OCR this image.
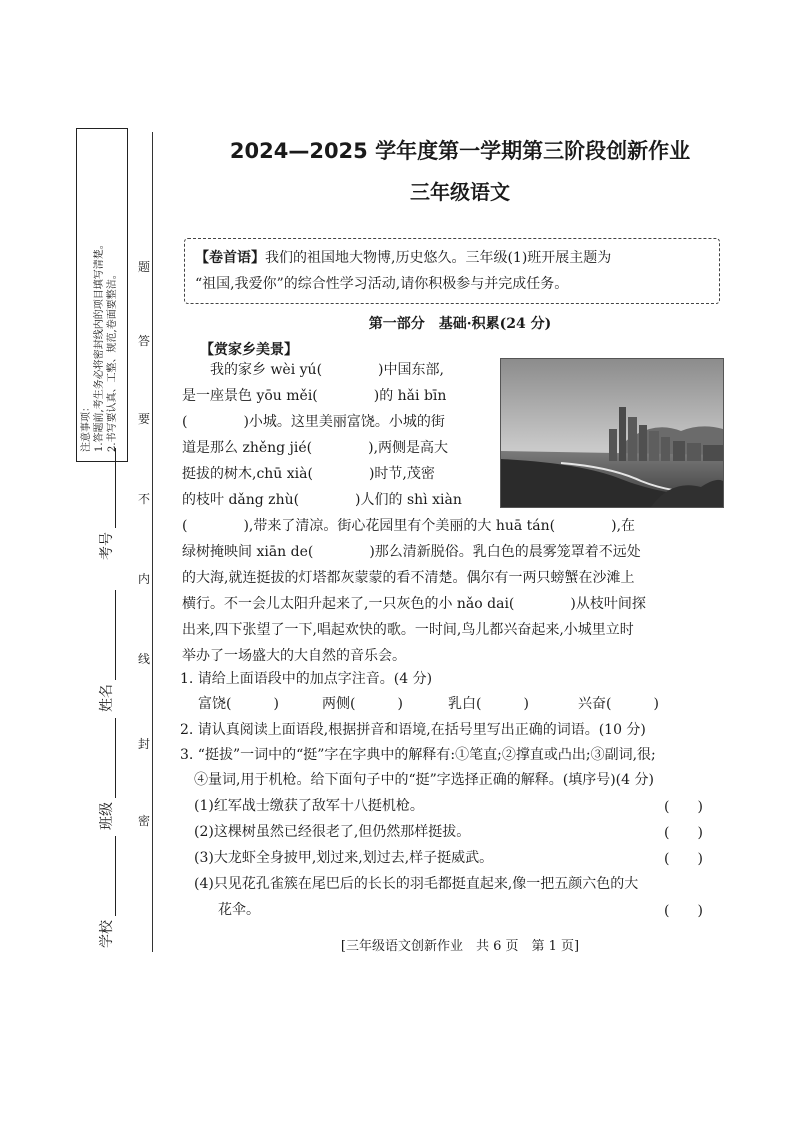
注意事项： 1.答题前,考生务必将密封线内的项目填写清楚。 2.书写要认真、工整、规范,卷面要整洁。
题
答
要
不
内
线
封
密
考号
姓名
班级
学校
2024—2025 学年度第一学期第三阶段创新作业
三年级语文
【卷首语】我们的祖国地大物博,历史悠久。三年级(1)班开展主题为
“祖国,我爱你”的综合性学习活动,请你积极参与并完成任务。
第一部分　基础·积累(24 分)
【赏家乡美景】
　　我的家乡 wèi yú(　　　　)中国东部,
是一座景色 yōu měi(　　　　)的 hǎi bīn
(　　　　)小城。这里美丽富饶。小城的街
道是那么 zhěng jié(　　　　),两侧是高大
挺拔的树木,chū xià(　　　　)时节,茂密
的枝叶 dǎng zhù(　　　　)人们的 shì xiàn
(　　　　),带来了清凉。街心花园里有个美丽的大 huā tán(　　　　),在
绿树掩映间 xiān de(　　　　)那么清新脱俗。乳白色的晨雾笼罩着不远处
的大海,就连挺拔的灯塔都灰蒙蒙的看不清楚。偶尔有一两只螃蟹在沙滩上
横行。不一会儿太阳升起来了,一只灰色的小 nǎo dai(　　　　)从枝叶间探
出来,四下张望了一下,唱起欢快的歌。一时间,鸟儿都兴奋起来,小城里立时
举办了一场盛大的大自然的音乐会。
1. 请给上面语段中的加点字注音。(4 分)
富饶(　　　)	两侧(　　　)	乳白(　　　)	兴奋(　　　)
2. 请认真阅读上面语段,根据拼音和语境,在括号里写出正确的词语。(10 分)
3. “挺拔”一词中的“挺”字在字典中的解释有:①笔直;②撑直或凸出;③副词,很;
④量词,用于机枪。给下面句子中的“挺”字选择正确的解释。(填序号)(4 分)
(1)红军战士缴获了敌军十八挺机枪。	(　　)
(2)这棵树虽然已经很老了,但仍然那样挺拔。	(　　)
(3)大龙虾全身披甲,划过来,划过去,样子挺威武。	(　　)
(4)只见花孔雀簇在尾巴后的长长的羽毛都挺直起来,像一把五颜六色的大
花伞。	(　　)
[三年级语文创新作业　共 6 页　第 1 页]
